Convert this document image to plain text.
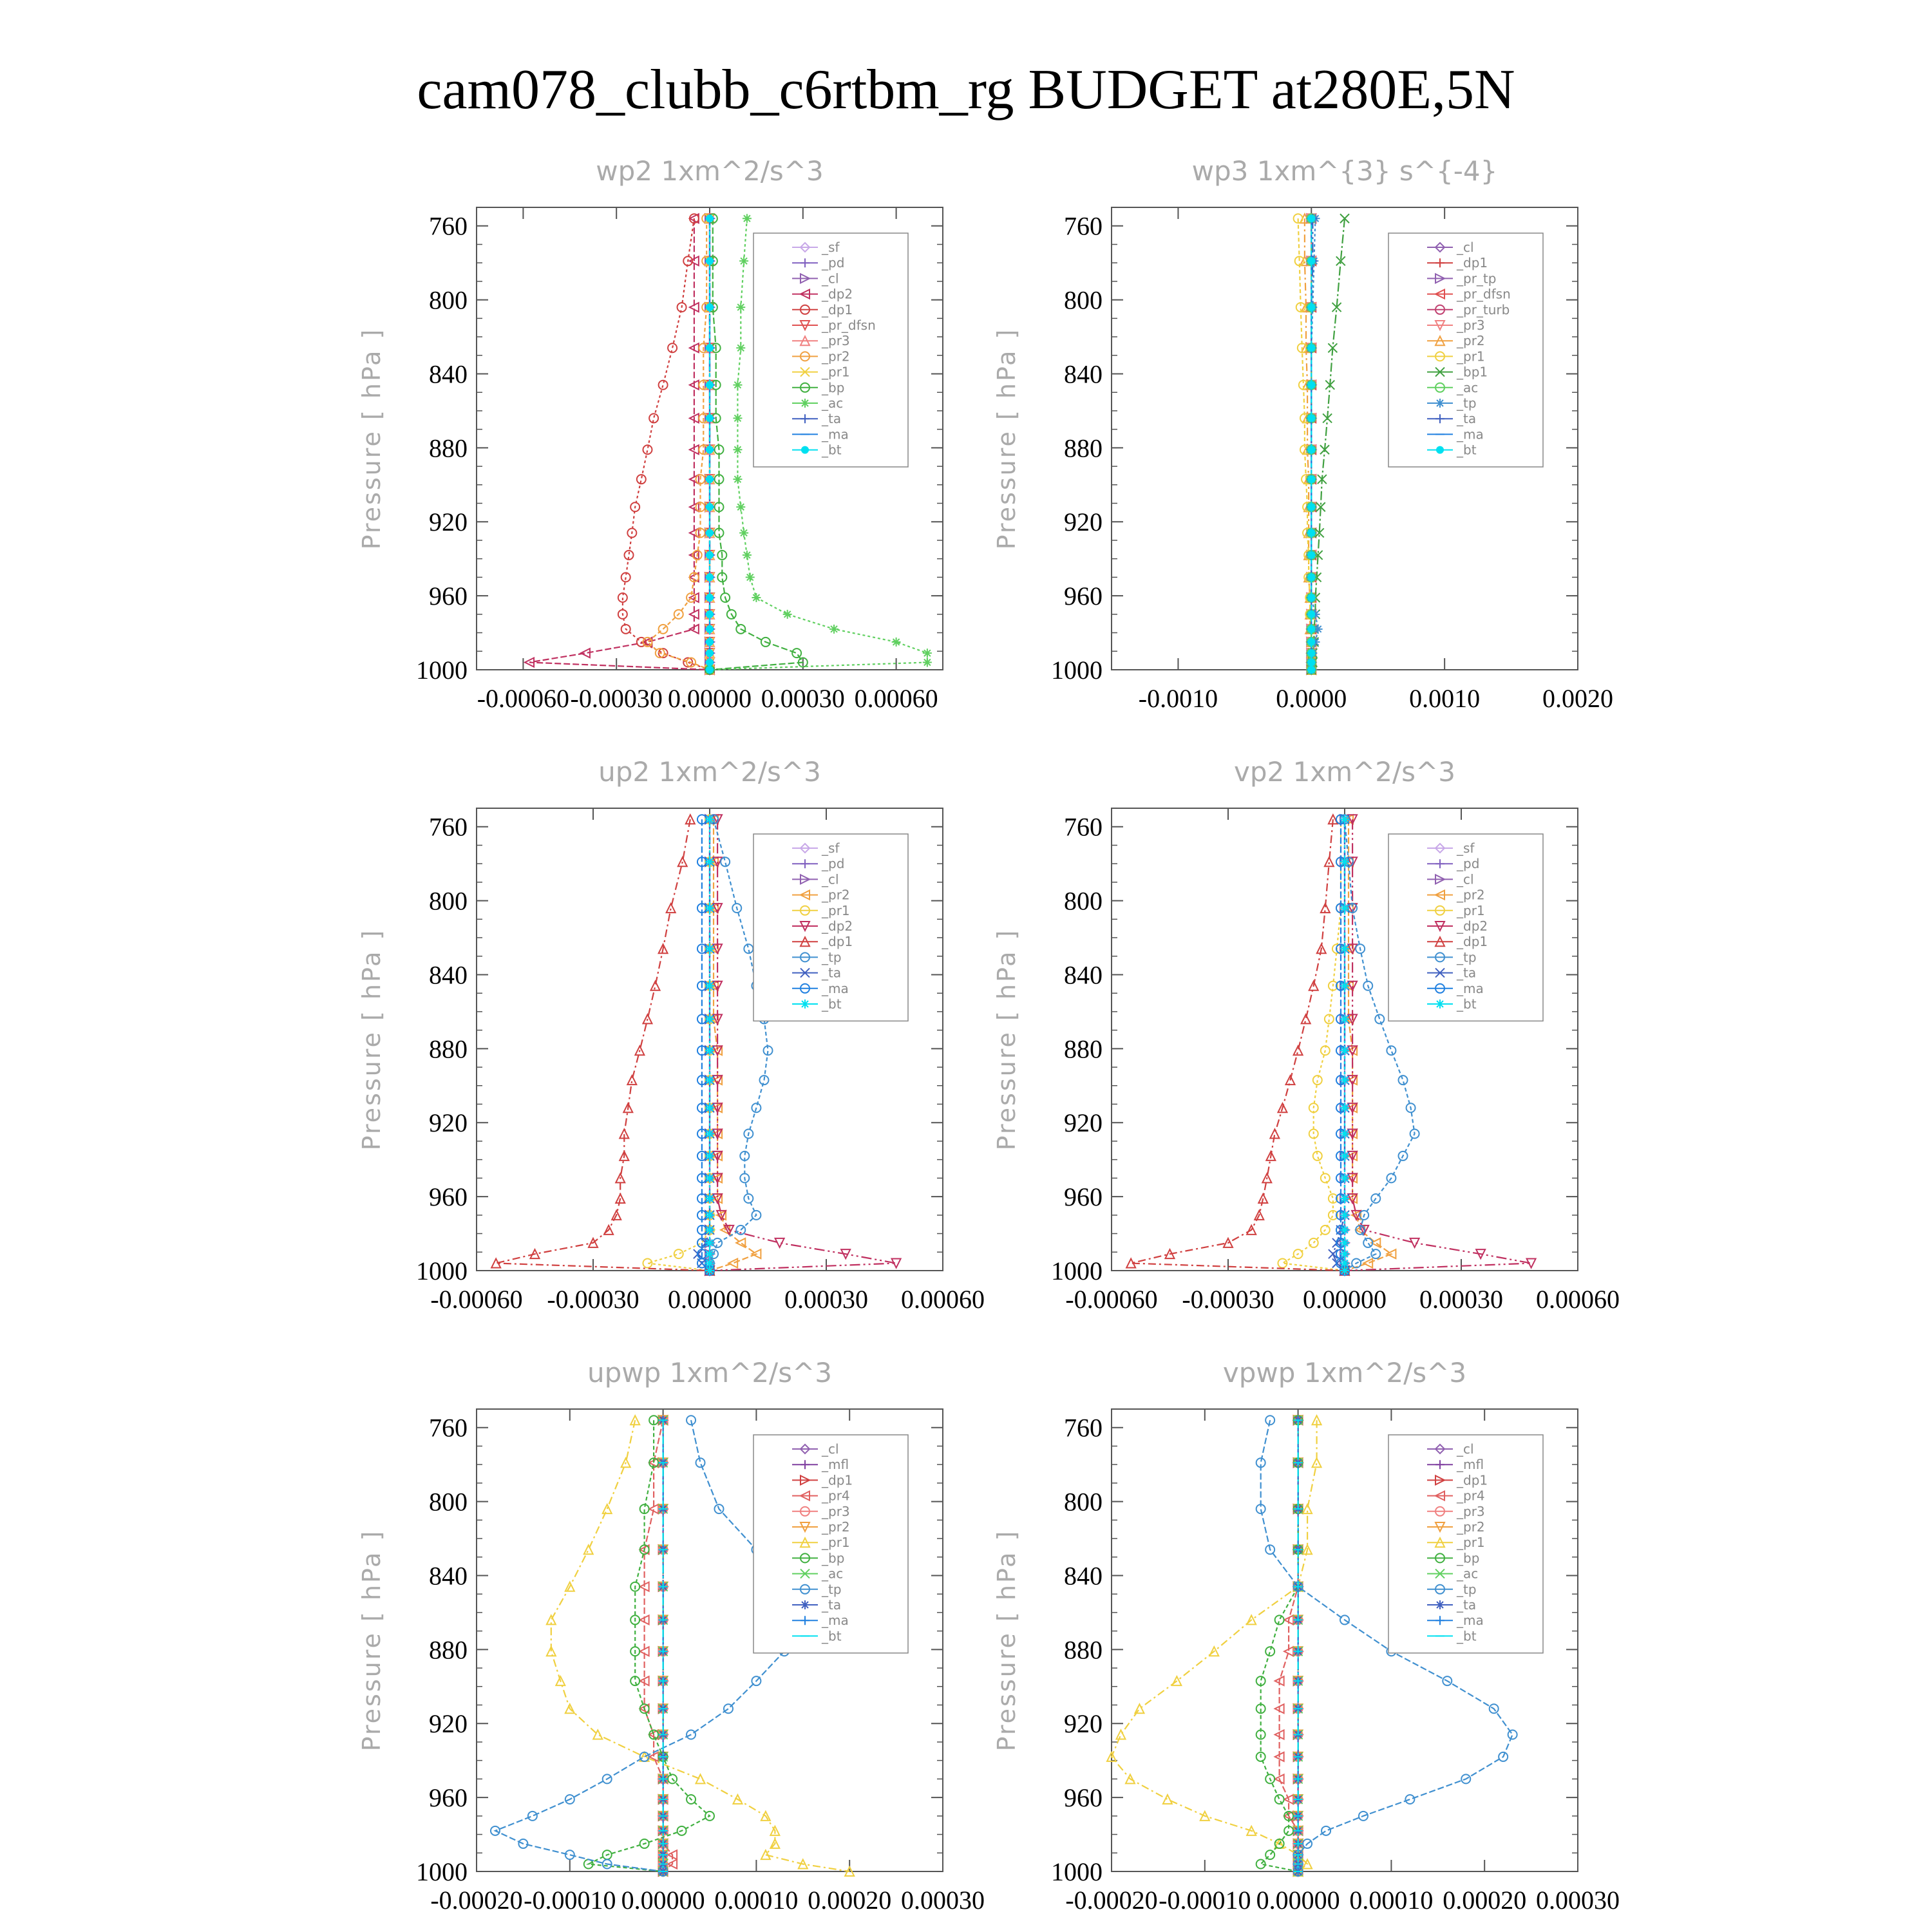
cam078_clubb_c6rtbm_rg BUDGET at280E,5N
wp2 1xm^2/s^3
760
800
840
880
920
960
1000
-0.00060 -0.00030 0.00000 0.00030 0.00060
Pressure [ hPa ]
_sf
_pd
_cl
_dp2
_dp1
_pr_dfsn
_pr3
_pr2
_pr1
_bp
_ac
_ta
_ma
_bt
wp3 1xm^{3} s^{-4}
760
800
840
880
920
960
1000
-0.0010 0.0000 0.0010 0.0020
Pressure [ hPa ]
_cl
_dp1
_pr_tp
_pr_dfsn
_pr_turb
_pr3
_pr2
_pr1
_bp1
_ac
_tp
_ta
_ma
_bt
up2 1xm^2/s^3
760
800
840
880
920
960
1000
-0.00060 -0.00030 0.00000 0.00030 0.00060
Pressure [ hPa ]
_sf
_pd
_cl
_pr2
_pr1
_dp2
_dp1
_tp
_ta
_ma
_bt
vp2 1xm^2/s^3
760
800
840
880
920
960
1000
-0.00060 -0.00030 0.00000 0.00030 0.00060
Pressure [ hPa ]
_sf
_pd
_cl
_pr2
_pr1
_dp2
_dp1
_tp
_ta
_ma
_bt
upwp 1xm^2/s^3
760
800
840
880
920
960
1000
-0.00020 -0.00010 0.00000 0.00010 0.00020 0.00030
Pressure [ hPa ]
_cl
_mfl
_dp1
_pr4
_pr3
_pr2
_pr1
_bp
_ac
_tp
_ta
_ma
_bt
vpwp 1xm^2/s^3
760
800
840
880
920
960
1000
-0.00020 -0.00010 0.00000 0.00010 0.00020 0.00030
Pressure [ hPa ]
_cl
_mfl
_dp1
_pr4
_pr3
_pr2
_pr1
_bp
_ac
_tp
_ta
_ma
_bt
